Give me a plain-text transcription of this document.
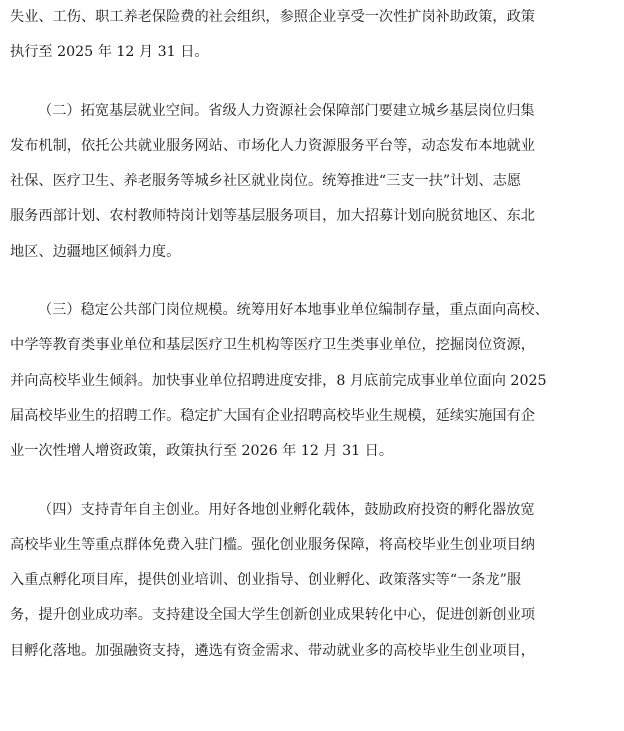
失业、工伤、职工养老保险费的社会组织，参照企业享受一次性扩岗补助政策，政策
执行至 2025 年 12 月 31 日。

（二）拓宽基层就业空间。省级人力资源社会保障部门要建立城乡基层岗位归集
发布机制，依托公共就业服务网站、市场化人力资源服务平台等，动态发布本地就业
社保、医疗卫生、养老服务等城乡社区就业岗位。统筹推进“三支一扶”计划、志愿
服务西部计划、农村教师特岗计划等基层服务项目，加大招募计划向脱贫地区、东北
地区、边疆地区倾斜力度。

（三）稳定公共部门岗位规模。统筹用好本地事业单位编制存量，重点面向高校、
中学等教育类事业单位和基层医疗卫生机构等医疗卫生类事业单位，挖掘岗位资源，
并向高校毕业生倾斜。加快事业单位招聘进度安排，8 月底前完成事业单位面向 2025
届高校毕业生的招聘工作。稳定扩大国有企业招聘高校毕业生规模，延续实施国有企
业一次性增人增资政策，政策执行至 2026 年 12 月 31 日。

（四）支持青年自主创业。用好各地创业孵化载体，鼓励政府投资的孵化器放宽
高校毕业生等重点群体免费入驻门槛。强化创业服务保障，将高校毕业生创业项目纳
入重点孵化项目库，提供创业培训、创业指导、创业孵化、政策落实等“一条龙”服
务，提升创业成功率。支持建设全国大学生创新创业成果转化中心，促进创新创业项
目孵化落地。加强融资支持，遴选有资金需求、带动就业多的高校毕业生创业项目，
